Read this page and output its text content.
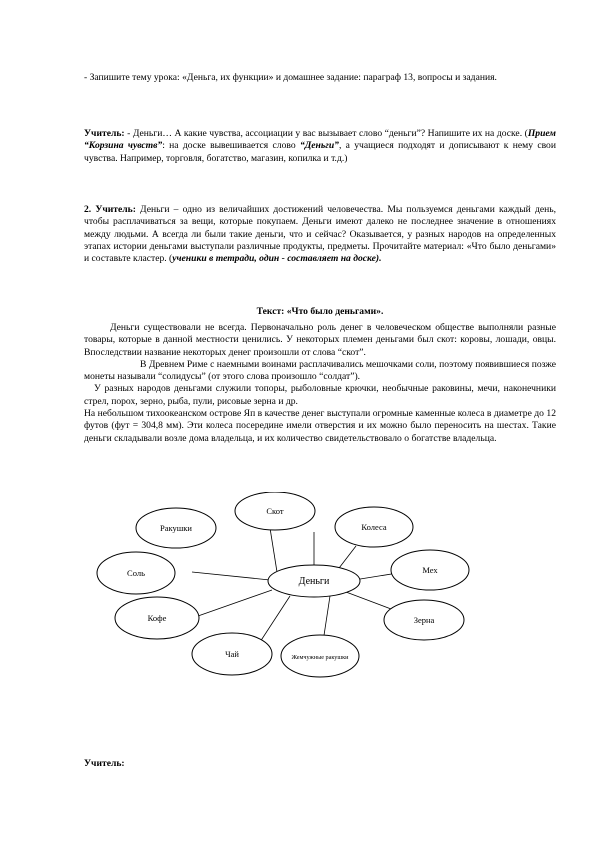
- Запишите тему урока: «Деньга, их функции» и домашнее задание: параграф 13, вопросы и задания.

Учитель: - Деньги… А какие чувства, ассоциации у вас вызывает слово “деньги”? Напишите их на доске. (Прием “Корзина чувств”: на доске вывешивается слово “Деньги”, а учащиеся подходят и дописывают к нему свои чувства. Например, торговля, богатство, магазин, копилка и т.д.)

2. Учитель: Деньги – одно из величайших достижений человечества. Мы пользуемся деньгами каждый день, чтобы расплачиваться за вещи, которые покупаем. Деньги имеют далеко не последнее значение в отношениях между людьми. А всегда ли были такие деньги, что и сейчас? Оказывается, у разных народов на определенных этапах истории деньгами выступали различные продукты, предметы. Прочитайте материал: «Что было деньгами» и составьте кластер. (ученики в тетради, один - составляет на доске).

Текст: «Что было деньгами».

Деньги существовали не всегда. Первоначально роль денег в человеческом обществе выполняли разные товары, которые в данной местности ценились. У некоторых племен деньгами был скот: коровы, лошади, овцы. Впоследствии название некоторых денег произошли от слова “скот”.

В Древнем Риме с наемными воинами расплачивались мешочками соли, поэтому появившиеся позже монеты называли “солидусы” (от этого слова произошло “солдат”).

У разных народов деньгами служили топоры, рыболовные крючки, необычные раковины, мечи, наконечники стрел, порох, зерно, рыба, пули, рисовые зерна и др.

На небольшом тихоокеанском острове Яп в качестве денег выступали огромные каменные колеса в диаметре до 12 футов (фут = 304,8 мм). Эти колеса посередине имели отверстия и их можно было переносить на шестах. Такие деньги складывали возле дома владельца, и их количество свидетельствовало о богатстве владельца.

Деньги
Скот
Колеса
Мех
Зерна
Жемчужные ракушки
Чай
Кофе
Соль
Ракушки
Учитель:
